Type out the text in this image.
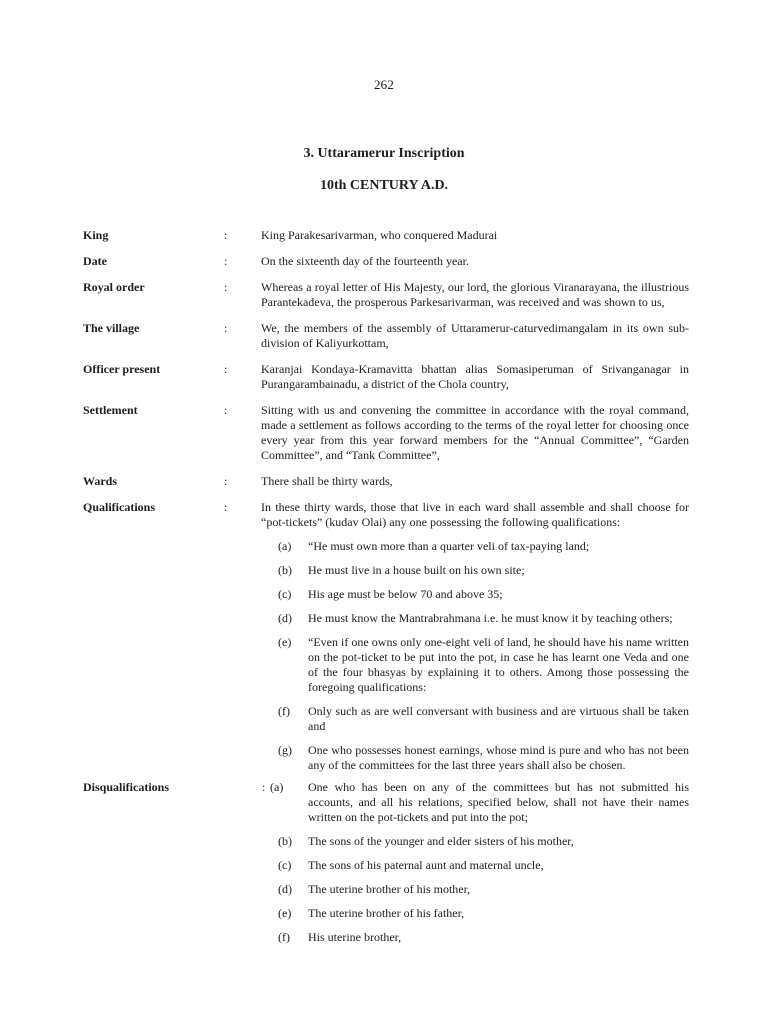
262
3. Uttaramerur Inscription
10th CENTURY A.D.
King	:	King Parakesarivarman, who conquered Madurai
Date	:	On the sixteenth day of the fourteenth year.
Royal order	:	Whereas a royal letter of His Majesty, our lord, the glorious Viranarayana, the illustrious Parantekadeva, the prosperous Parkesarivarman, was received and was shown to us,
The village	:	We, the members of the assembly of Uttaramerur-caturvedimangalam in its own sub-division of Kaliyurkottam,
Officer present	:	Karanjai Kondaya-Kramavitta bhattan alias Somasiperuman of Srivanganagar in Purangarambainadu, a district of the Chola country,
Settlement	:	Sitting with us and convening the committee in accordance with the royal command, made a settlement as follows according to the terms of the royal letter for choosing once every year from this year forward members for the “Annual Committee”, “Garden Committee”, and “Tank Committee”,
Wards	:	There shall be thirty wards,
Qualifications	:	In these thirty wards, those that live in each ward shall assemble and shall choose for “pot-tickets” (kudav Olai) any one possessing the following qualifications:
(a) “He must own more than a quarter veli of tax-paying land;
(b) He must live in a house built on his own site;
(c) His age must be below 70 and above 35;
(d) He must know the Mantrabrahmana i.e. he must know it by teaching others;
(e) “Even if one owns only one-eight veli of land, he should have his name written on the pot-ticket to be put into the pot, in case he has learnt one Veda and one of the four bhasyas by explaining it to others. Among those possessing the foregoing qualifications:
(f) Only such as are well conversant with business and are virtuous shall be taken and
(g) One who possesses honest earnings, whose mind is pure and who has not been any of the committees for the last three years shall also be chosen.
Disqualifications	: (a) One who has been on any of the committees but has not submitted his accounts, and all his relations, specified below, shall not have their names written on the pot-tickets and put into the pot;
(b) The sons of the younger and elder sisters of his mother,
(c) The sons of his paternal aunt and maternal uncle,
(d) The uterine brother of his mother,
(e) The uterine brother of his father,
(f) His uterine brother,
